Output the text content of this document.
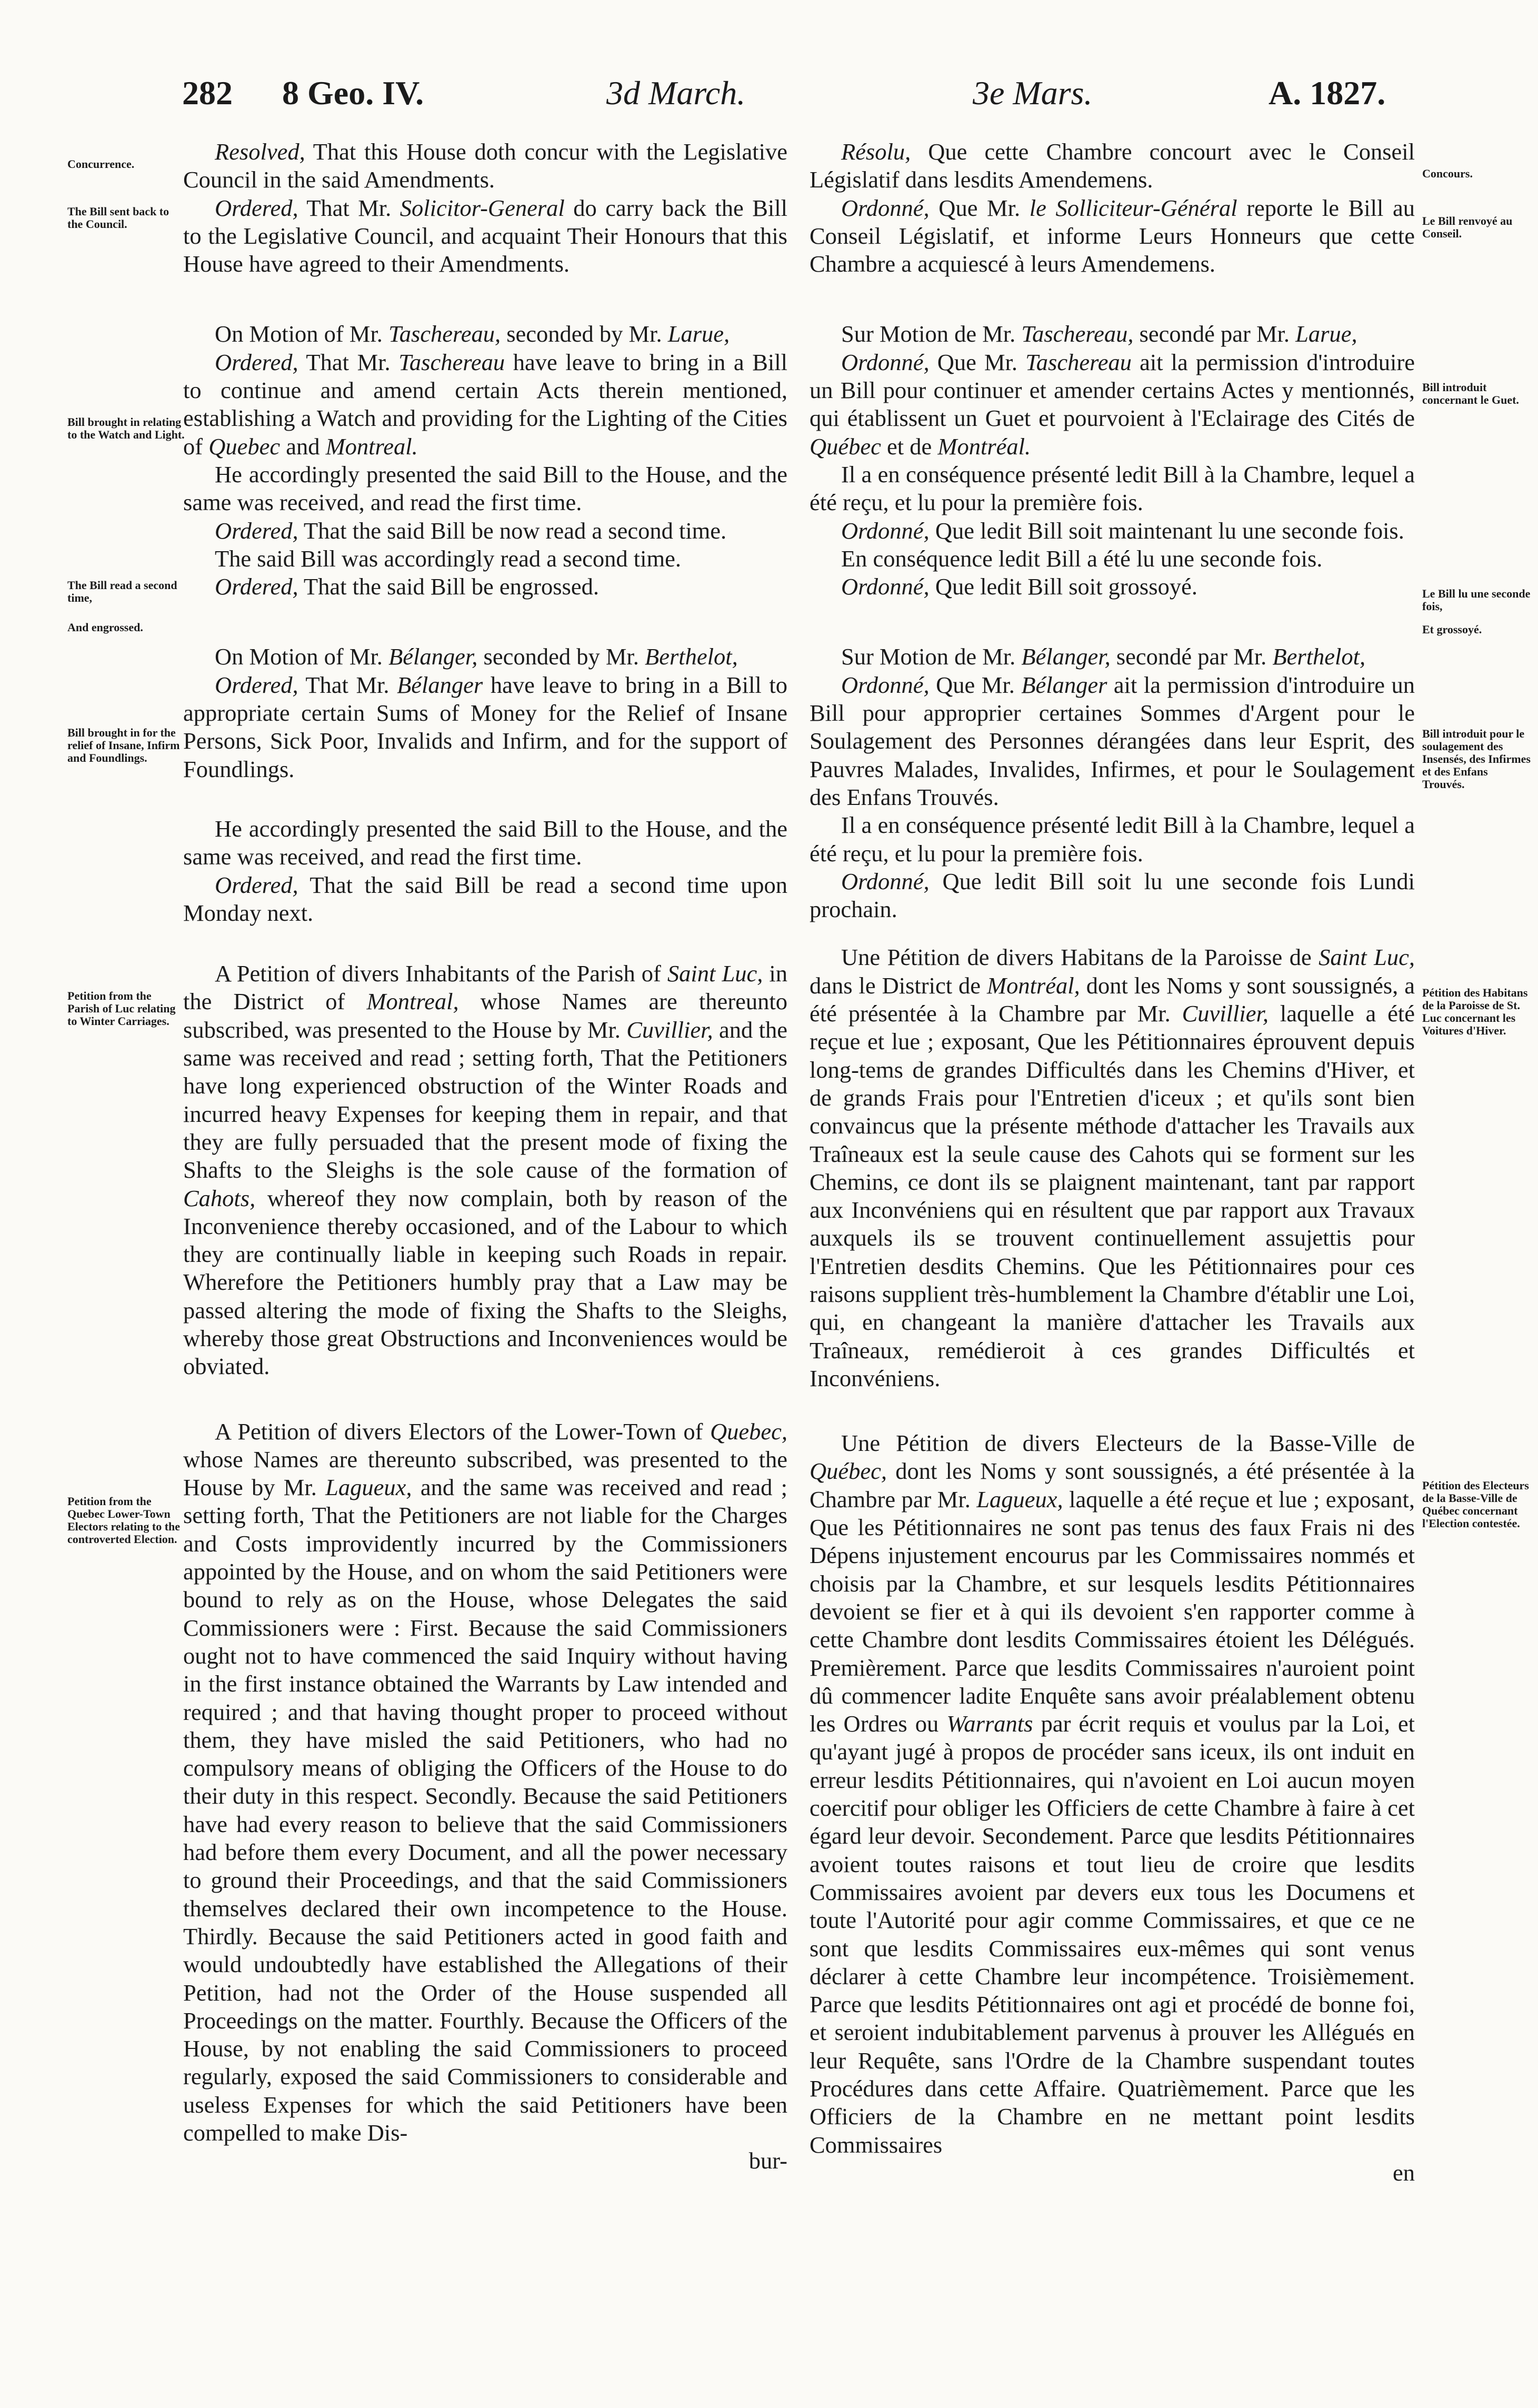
282 8 Geo. IV.	3d March.	3e Mars.	A. 1827.
Concurrence.
The Bill sent back to the Council.
Bill brought in relating to the Watch and Light.
The Bill read a second time,
And engrossed.
Bill brought in for the relief of Insane, Infirm and Foundlings.
Petition from the Parish of Luc relating to Winter Carriages.
Petition from the Quebec Lower-Town Electors relating to the controverted Election.
Concours.
Le Bill renvoyé au Conseil.
Bill introduit concernant le Guet.
Le Bill lu une seconde fois,
Et grossoyé.
Bill introduit pour le soulagement des Insensés, des Infirmes et des Enfans Trouvés.
Pétition des Habitans de la Paroisse de St. Luc concernant les Voitures d'Hiver.
Pétition des Electeurs de la Basse-Ville de Québec concernant l'Election contestée.

Resolved, That this House doth concur with the Legislative Council in the said Amendments.

Ordered, That Mr. Solicitor-General do carry back the Bill to the Legislative Council, and acquaint Their Honours that this House have agreed to their Amendments.

On Motion of Mr. Taschereau, seconded by Mr. Larue,

Ordered, That Mr. Taschereau have leave to bring in a Bill to continue and amend certain Acts therein mentioned, establishing a Watch and providing for the Lighting of the Cities of Quebec and Montreal.

He accordingly presented the said Bill to the House, and the same was received, and read the first time.

Ordered, That the said Bill be now read a second time.

The said Bill was accordingly read a second time.

Ordered, That the said Bill be engrossed.

On Motion of Mr. Bélanger, seconded by Mr. Berthelot,

Ordered, That Mr. Bélanger have leave to bring in a Bill to appropriate certain Sums of Money for the Relief of Insane Persons, Sick Poor, Invalids and Infirm, and for the support of Foundlings.

He accordingly presented the said Bill to the House, and the same was received, and read the first time.

Ordered, That the said Bill be read a second time upon Monday next.

A Petition of divers Inhabitants of the Parish of Saint Luc, in the District of Montreal, whose Names are thereunto subscribed, was presented to the House by Mr. Cuvillier, and the same was received and read ; setting forth, That the Petitioners have long experienced obstruction of the Winter Roads and incurred heavy Expenses for keeping them in repair, and that they are fully persuaded that the present mode of fixing the Shafts to the Sleighs is the sole cause of the formation of Cahots, whereof they now complain, both by reason of the Inconvenience thereby occasioned, and of the Labour to which they are continually liable in keeping such Roads in repair. Wherefore the Petitioners humbly pray that a Law may be passed altering the mode of fixing the Shafts to the Sleighs, whereby those great Obstructions and Inconveniences would be obviated.

A Petition of divers Electors of the Lower-Town of Quebec, whose Names are thereunto subscribed, was presented to the House by Mr. Lagueux, and the same was received and read ; setting forth, That the Petitioners are not liable for the Charges and Costs improvidently incurred by the Commissioners appointed by the House, and on whom the said Petitioners were bound to rely as on the House, whose Delegates the said Commissioners were : First. Because the said Commissioners ought not to have commenced the said Inquiry without having in the first instance obtained the Warrants by Law intended and required ; and that having thought proper to proceed without them, they have misled the said Petitioners, who had no compulsory means of obliging the Officers of the House to do their duty in this respect. Secondly. Because the said Petitioners have had every reason to believe that the said Commissioners had before them every Document, and all the power necessary to ground their Proceedings, and that the said Commissioners themselves declared their own incompetence to the House. Thirdly. Because the said Petitioners acted in good faith and would undoubtedly have established the Allegations of their Petition, had not the Order of the House suspended all Proceedings on the matter. Fourthly. Because the Officers of the House, by not enabling the said Commissioners to proceed regularly, exposed the said Commissioners to considerable and useless Expenses for which the said Petitioners have been compelled to make Dis-

bur-

Résolu, Que cette Chambre concourt avec le Conseil Législatif dans lesdits Amendemens.

Ordonné, Que Mr. le Solliciteur-Général reporte le Bill au Conseil Législatif, et informe Leurs Honneurs que cette Chambre a acquiescé à leurs Amendemens.

Sur Motion de Mr. Taschereau, secondé par Mr. Larue,

Ordonné, Que Mr. Taschereau ait la permission d'introduire un Bill pour continuer et amender certains Actes y mentionnés, qui établissent un Guet et pourvoient à l'Eclairage des Cités de Québec et de Montréal.

Il a en conséquence présenté ledit Bill à la Chambre, lequel a été reçu, et lu pour la première fois.

Ordonné, Que ledit Bill soit maintenant lu une seconde fois.

En conséquence ledit Bill a été lu une seconde fois.

Ordonné, Que ledit Bill soit grossoyé.

Sur Motion de Mr. Bélanger, secondé par Mr. Berthelot,

Ordonné, Que Mr. Bélanger ait la permission d'introduire un Bill pour approprier certaines Sommes d'Argent pour le Soulagement des Personnes dérangées dans leur Esprit, des Pauvres Malades, Invalides, Infirmes, et pour le Soulagement des Enfans Trouvés.

Il a en conséquence présenté ledit Bill à la Chambre, lequel a été reçu, et lu pour la première fois.

Ordonné, Que ledit Bill soit lu une seconde fois Lundi prochain.

Une Pétition de divers Habitans de la Paroisse de Saint Luc, dans le District de Montréal, dont les Noms y sont soussignés, a été présentée à la Chambre par Mr. Cuvillier, laquelle a été reçue et lue ; exposant, Que les Pétitionnaires éprouvent depuis long-tems de grandes Difficultés dans les Chemins d'Hiver, et de grands Frais pour l'Entretien d'iceux ; et qu'ils sont bien convaincus que la présente méthode d'attacher les Travails aux Traîneaux est la seule cause des Cahots qui se forment sur les Chemins, ce dont ils se plaignent maintenant, tant par rapport aux Inconvéniens qui en résultent que par rapport aux Travaux auxquels ils se trouvent continuellement assujettis pour l'Entretien desdits Chemins. Que les Pétitionnaires pour ces raisons supplient très-humblement la Chambre d'établir une Loi, qui, en changeant la manière d'attacher les Travails aux Traîneaux, remédieroit à ces grandes Difficultés et Inconvéniens.

Une Pétition de divers Electeurs de la Basse-Ville de Québec, dont les Noms y sont soussignés, a été présentée à la Chambre par Mr. Lagueux, laquelle a été reçue et lue ; exposant, Que les Pétitionnaires ne sont pas tenus des faux Frais ni des Dépens injustement encourus par les Commissaires nommés et choisis par la Chambre, et sur lesquels lesdits Pétitionnaires devoient se fier et à qui ils devoient s'en rapporter comme à cette Chambre dont lesdits Commissaires étoient les Délégués. Premièrement. Parce que lesdits Commissaires n'auroient point dû commencer ladite Enquête sans avoir préalablement obtenu les Ordres ou Warrants par écrit requis et voulus par la Loi, et qu'ayant jugé à propos de procéder sans iceux, ils ont induit en erreur lesdits Pétitionnaires, qui n'avoient en Loi aucun moyen coercitif pour obliger les Officiers de cette Chambre à faire à cet égard leur devoir. Secondement. Parce que lesdits Pétitionnaires avoient toutes raisons et tout lieu de croire que lesdits Commissaires avoient par devers eux tous les Documens et toute l'Autorité pour agir comme Commissaires, et que ce ne sont que lesdits Commissaires eux-mêmes qui sont venus déclarer à cette Chambre leur incompétence. Troisièmement. Parce que lesdits Pétitionnaires ont agi et procédé de bonne foi, et seroient indubitablement parvenus à prouver les Allégués en leur Requête, sans l'Ordre de la Chambre suspendant toutes Procédures dans cette Affaire. Quatrièmement. Parce que les Officiers de la Chambre en ne mettant point lesdits Commissaires

en
